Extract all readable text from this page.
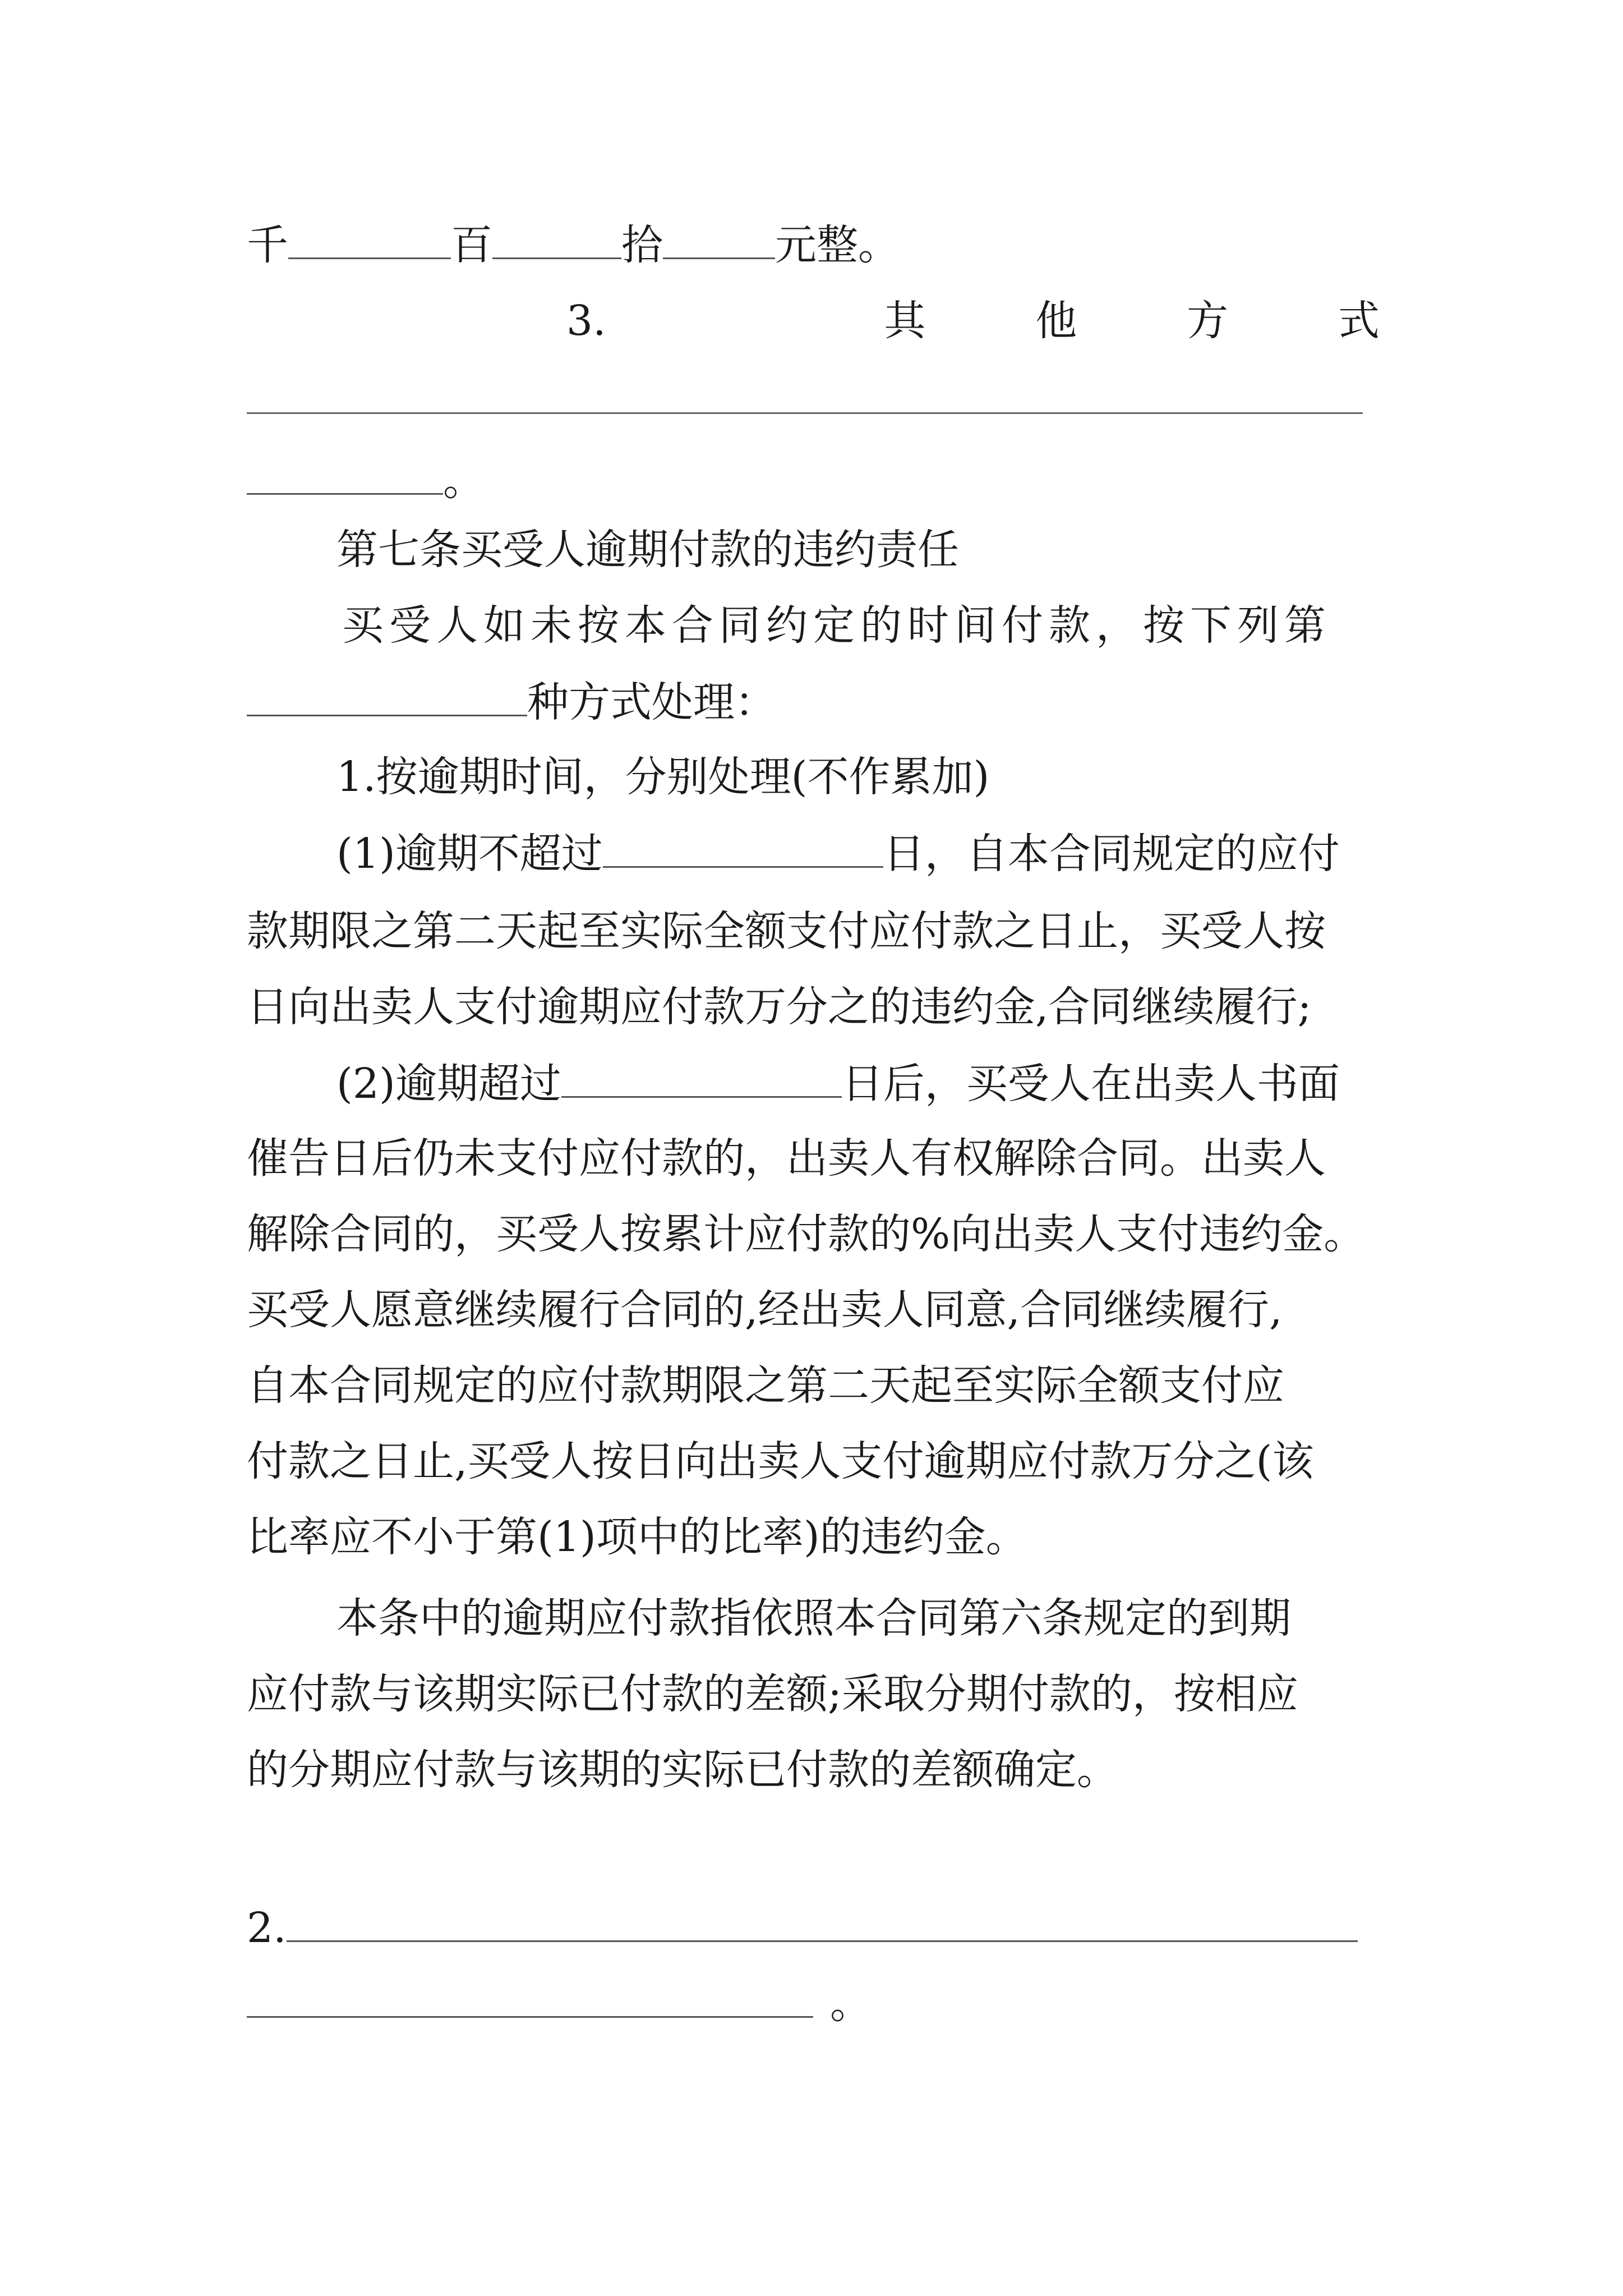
千	百	拾	元整。
3.	其	他	方	式
。
第七条买受人逾期付款的违约责任
买受人如未按本合同约定的时间付款，按下列第
种方式处理：
1.按逾期时间，分别处理(不作累加)
(1)逾期不超过	日，自本合同规定的应付
款期限之第二天起至实际全额支付应付款之日止，买受人按
日向出卖人支付逾期应付款万分之的违约金,合同继续履行;
(2)逾期超过	日后，买受人在出卖人书面
催告日后仍未支付应付款的，出卖人有权解除合同。出卖人
解除合同的，买受人按累计应付款的%向出卖人支付违约金。
买受人愿意继续履行合同的,经出卖人同意,合同继续履行,
自本合同规定的应付款期限之第二天起至实际全额支付应
付款之日止,买受人按日向出卖人支付逾期应付款万分之(该
比率应不小于第(1)项中的比率)的违约金。
本条中的逾期应付款指依照本合同第六条规定的到期
应付款与该期实际已付款的差额;采取分期付款的，按相应
的分期应付款与该期的实际已付款的差额确定。
2.
。
